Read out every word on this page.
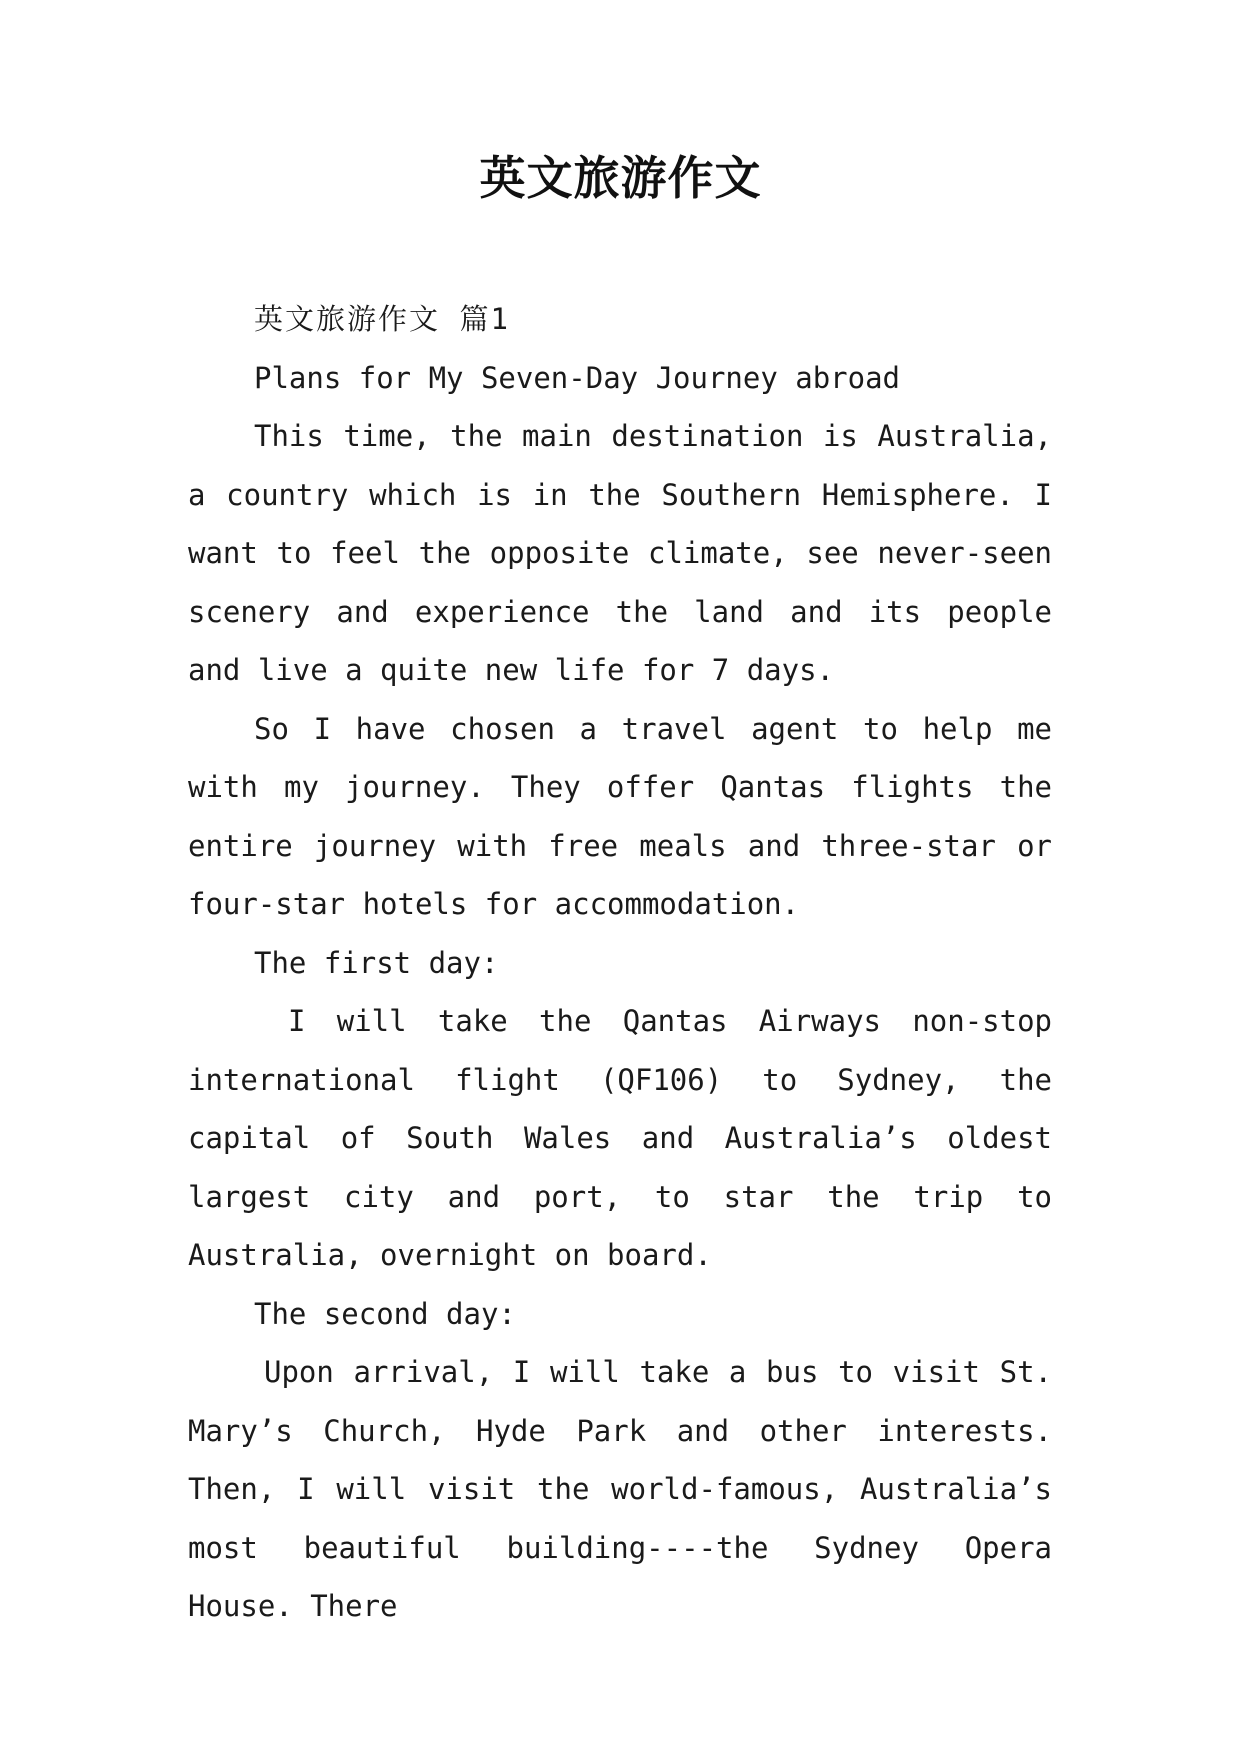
英文旅游作文

英文旅游作文 篇1

Plans for My Seven-Day Journey abroad

This time, the main destination is Australia, a country which is in the Southern Hemisphere. I want to feel the opposite climate, see never-seen scenery and experience the land and its people and live a quite new life for 7 days.

So I have chosen a travel agent to help me with my journey. They offer Qantas flights the entire journey with free meals and three-star or four-star hotels for accommodation.

The first day:

I will take the Qantas Airways non-stop international flight (QF106) to Sydney, the capital of South Wales and Australia’s oldest largest city and port, to star the trip to Australia, overnight on board.

The second day:

Upon arrival, I will take a bus to visit St. Mary’s Church, Hyde Park and other interests. Then, I will visit the world-famous, Australia’s most beautiful building----the Sydney Opera House. There
